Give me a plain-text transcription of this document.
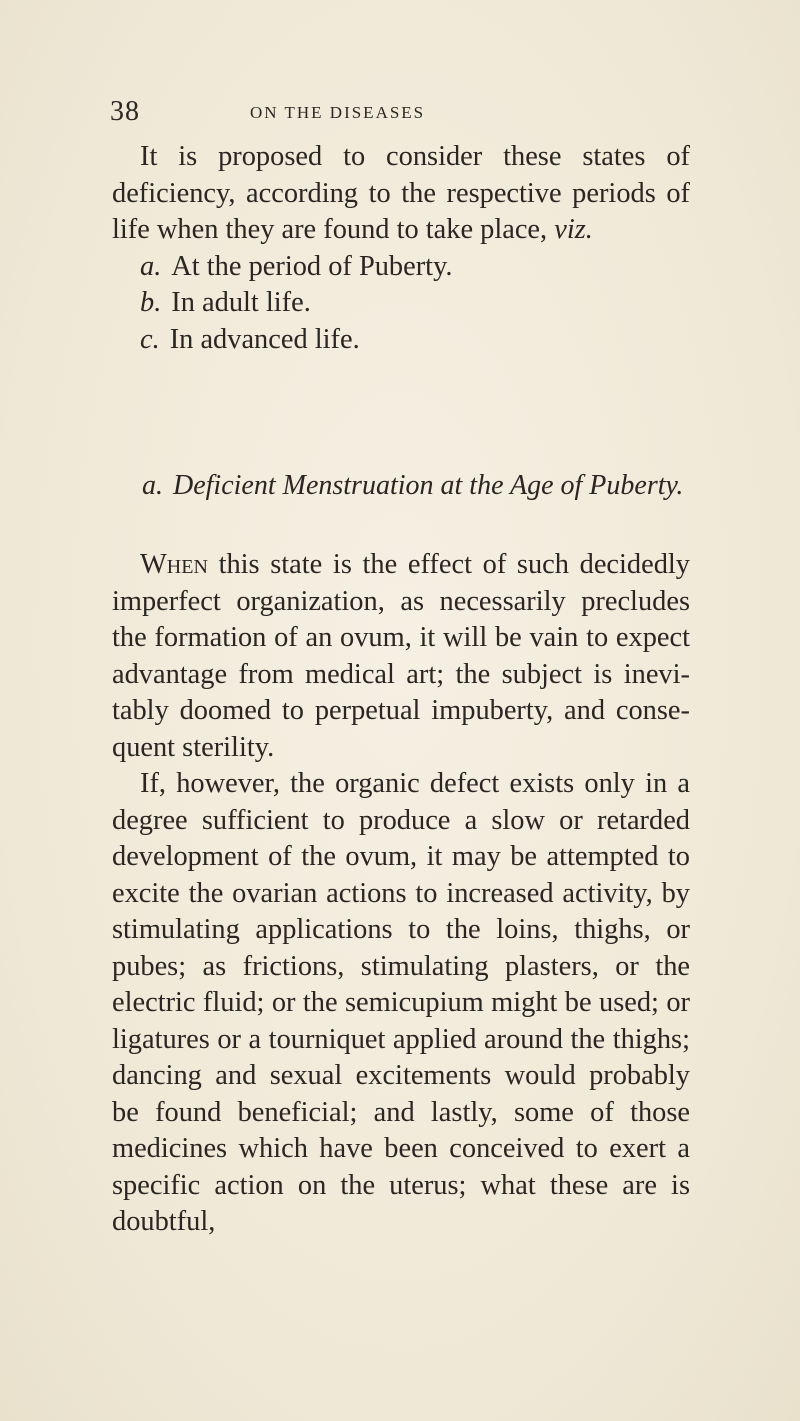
38	ON THE DISEASES

It is proposed to consider these states of deficiency, according to the respective periods of life when they are found to take place, viz.

a. At the period of Puberty.
b. In adult life.
c. In advanced life.
a. Deficient Menstruation at the Age of Puberty.

When this state is the effect of such decidedly imperfect organization, as necessarily precludes the formation of an ovum, it will be vain to expect advantage from medical art; the subject is inevitably doomed to perpetual impuberty, and consequent sterility.

If, however, the organic defect exists only in a degree sufficient to produce a slow or retarded development of the ovum, it may be attempted to excite the ovarian actions to increased activity, by stimulating applications to the loins, thighs, or pubes; as frictions, stimulating plasters, or the electric fluid; or the semicupium might be used; or ligatures or a tourniquet applied around the thighs; dancing and sexual excitements would probably be found beneficial; and lastly, some of those medicines which have been conceived to exert a specific action on the uterus; what these are is doubtful,
